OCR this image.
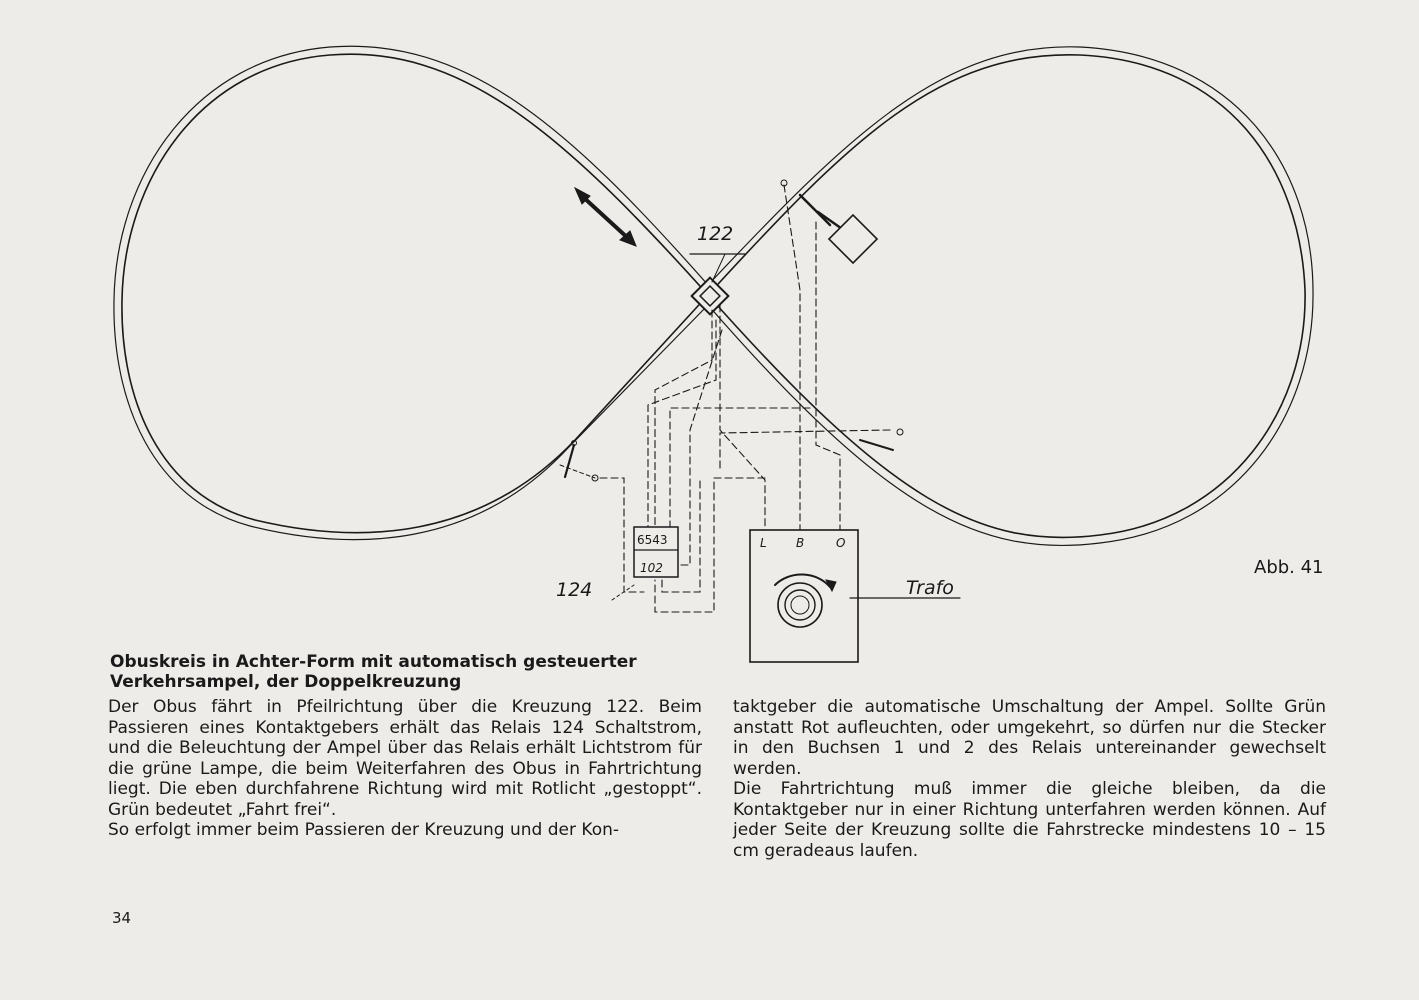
122
124
6543
102
Trafo
L B	O
Abb. 41
Obuskreis in Achter-Form mit automatisch gesteuerter
Verkehrsampel, der Doppelkreuzung

Der Obus fährt in Pfeilrichtung über die Kreuzung 122. Beim Passieren eines Kontaktgebers erhält das Relais 124 Schaltstrom, und die Beleuchtung der Ampel über das Relais erhält Lichtstrom für die grüne Lampe, die beim Weiterfahren des Obus in Fahrtrichtung liegt. Die eben durchfahrene Richtung wird mit Rotlicht „gestoppt“. Grün bedeutet „Fahrt frei“.

So erfolgt immer beim Passieren der Kreuzung und der Kon-

taktgeber die automatische Umschaltung der Ampel. Sollte Grün anstatt Rot aufleuchten, oder umgekehrt, so dürfen nur die Stecker in den Buchsen 1 und 2 des Relais untereinander gewechselt werden.

Die Fahrtrichtung muß immer die gleiche bleiben, da die Kontaktgeber nur in einer Richtung unterfahren werden können. Auf jeder Seite der Kreuzung sollte die Fahrstrecke mindestens 10 – 15 cm geradeaus laufen.

34
